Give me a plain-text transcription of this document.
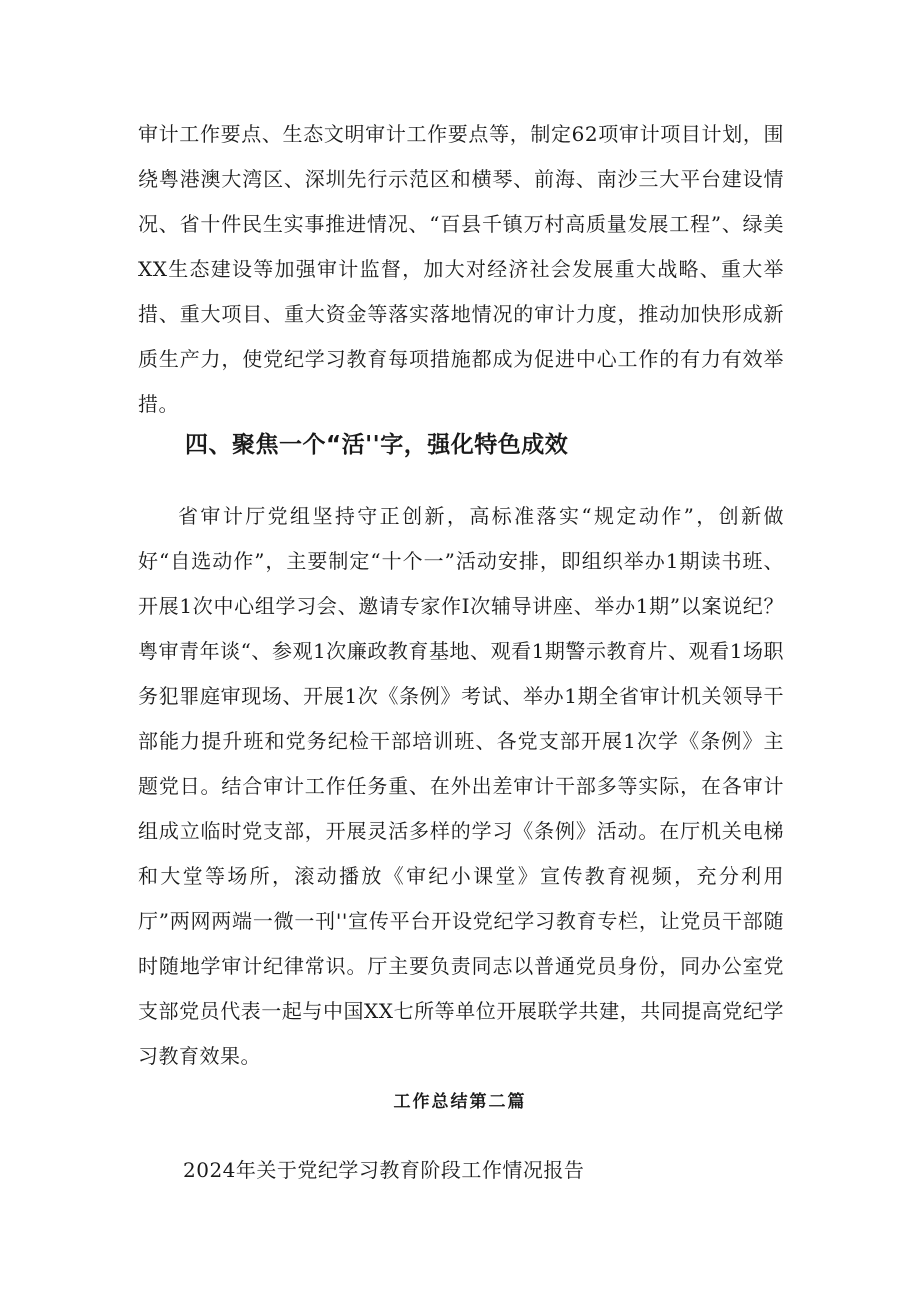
审计工作要点、生态文明审计工作要点等，制定62项审计项目计划，围绕粤港澳大湾区、深圳先行示范区和横琴、前海、南沙三大平台建设情况、省十件民生实事推进情况、“百县千镇万村高质量发展工程”、绿美XX生态建设等加强审计监督，加大对经济社会发展重大战略、重大举措、重大项目、重大资金等落实落地情况的审计力度，推动加快形成新质生产力，使党纪学习教育每项措施都成为促进中心工作的有力有效举措。

四、聚焦一个“活''字，强化特色成效

省审计厅党组坚持守正创新，高标准落实“规定动作”，创新做好“自选动作”，主要制定“十个一”活动安排，即组织举办1期读书班、开展1次中心组学习会、邀请专家作I次辅导讲座、举办1期”以案说纪？粤审青年谈“、参观1次廉政教育基地、观看1期警示教育片、观看1场职务犯罪庭审现场、开展1次《条例》考试、举办1期全省审计机关领导干部能力提升班和党务纪检干部培训班、各党支部开展1次学《条例》主题党日。结合审计工作任务重、在外出差审计干部多等实际，在各审计组成立临时党支部，开展灵活多样的学习《条例》活动。在厅机关电梯和大堂等场所，滚动播放《审纪小课堂》宣传教育视频，充分利用厅”两网两端一微一刊''宣传平台开设党纪学习教育专栏，让党员干部随时随地学审计纪律常识。厅主要负责同志以普通党员身份，同办公室党支部党员代表一起与中国XX七所等单位开展联学共建，共同提高党纪学习教育效果。

工作总结第二篇

2024年关于党纪学习教育阶段工作情况报告
